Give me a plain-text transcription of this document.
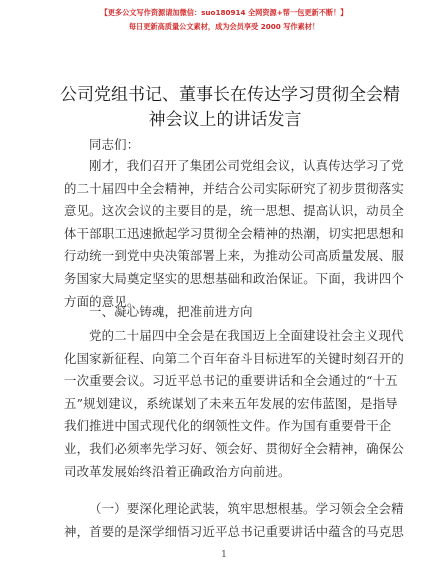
【更多公文写作资源请加微信：suo180914 全网资源+帮一包更新不断！】
每日更新高质量公文素材，成为会员享受 2000 写作素材！
公司党组书记、董事长在传达学习贯彻全会精
神会议上的讲话发言
同志们：
刚才，我们召开了集团公司党组会议，认真传达学习了党
的二十届四中全会精神，并结合公司实际研究了初步贯彻落实
意见。这次会议的主要目的是，统一思想、提高认识，动员全
体干部职工迅速掀起学习贯彻全会精神的热潮，切实把思想和
行动统一到党中央决策部署上来，为推动公司高质量发展、服
务国家大局奠定坚实的思想基础和政治保证。下面，我讲四个
方面的意见。
一、凝心铸魂，把准前进方向
党的二十届四中全会是在我国迈上全面建设社会主义现代
化国家新征程、向第二个百年奋斗目标进军的关键时刻召开的
一次重要会议。习近平总书记的重要讲话和全会通过的“十五
五”规划建议，系统谋划了未来五年发展的宏伟蓝图，是指导
我们推进中国式现代化的纲领性文件。作为国有重要骨干企
业，我们必须率先学习好、领会好、贯彻好全会精神，确保公
司改革发展始终沿着正确政治方向前进。
（一）要深化理论武装，筑牢思想根基。学习领会全会精
神，首要的是深学细悟习近平总书记重要讲话中蕴含的马克思
1
